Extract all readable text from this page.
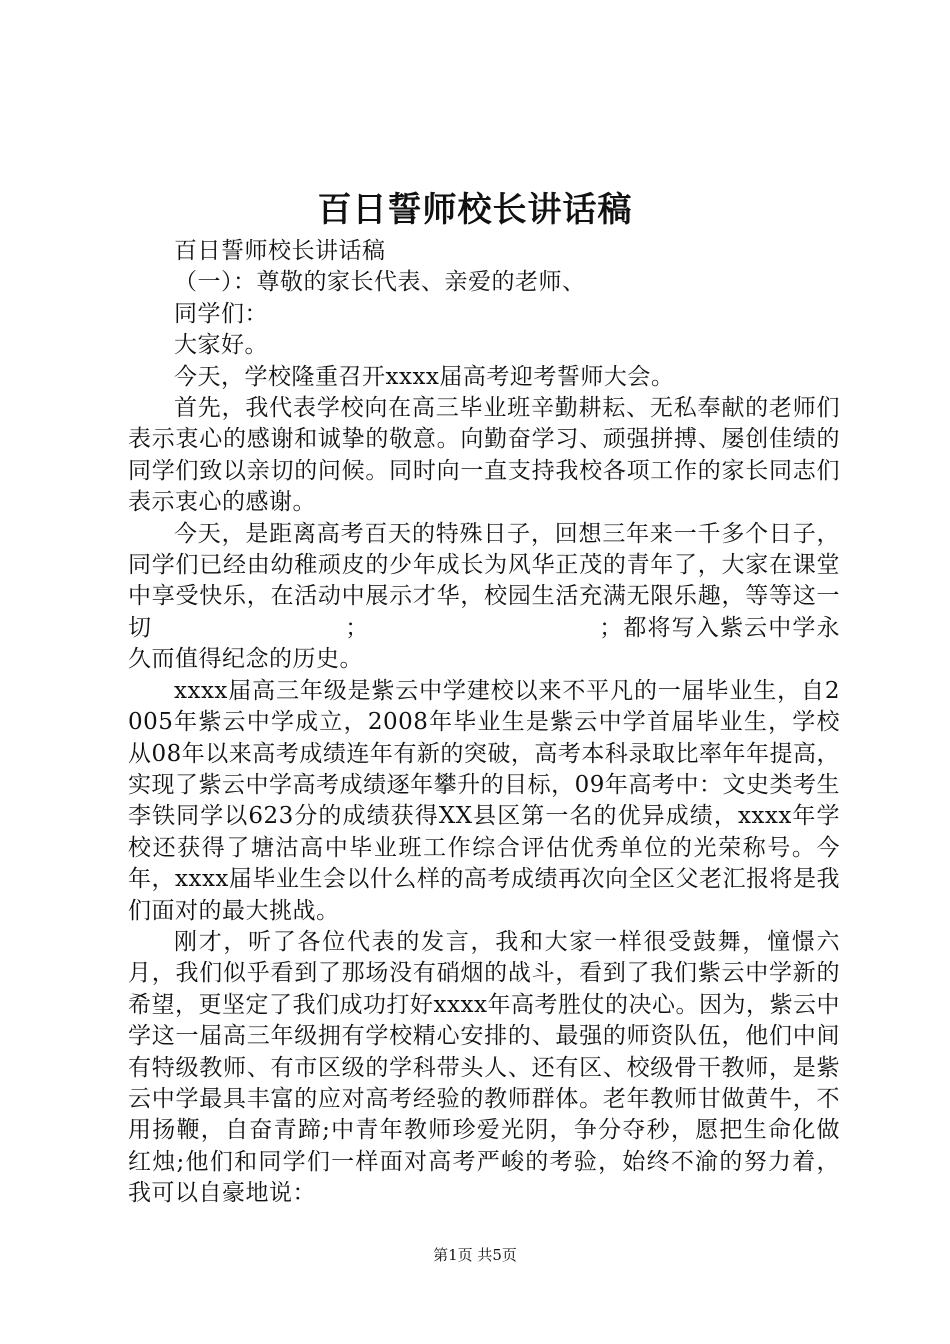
百日誓师校长讲话稿

百日誓师校长讲话稿

（一）：尊敬的家长代表、亲爱的老师、

同学们：

大家好。

今天，学校隆重召开xxxx届高考迎考誓师大会。

首先，我代表学校向在高三毕业班辛勤耕耘、无私奉献的老师们表示衷心的感谢和诚挚的敬意。向勤奋学习、顽强拼搏、屡创佳绩的同学们致以亲切的问候。同时向一直支持我校各项工作的家长同志们表示衷心的感谢。

今天，是距离高考百天的特殊日子，回想三年来一千多个日子，同学们已经由幼稚顽皮的少年成长为风华正茂的青年了，大家在课堂中享受快乐，在活动中展示才华，校园生活充满无限乐趣，等等这一切　　　　　　　　；　　　　　　　　　　；都将写入紫云中学永久而值得纪念的历史。

xxxx届高三年级是紫云中学建校以来不平凡的一届毕业生，自2005年紫云中学成立，2008年毕业生是紫云中学首届毕业生，学校从08年以来高考成绩连年有新的突破，高考本科录取比率年年提高，实现了紫云中学高考成绩逐年攀升的目标，09年高考中：文史类考生李铁同学以623分的成绩获得XX县区第一名的优异成绩，xxxx年学校还获得了塘沽高中毕业班工作综合评估优秀单位的光荣称号。今年，xxxx届毕业生会以什么样的高考成绩再次向全区父老汇报将是我们面对的最大挑战。

刚才，听了各位代表的发言，我和大家一样很受鼓舞，憧憬六月，我们似乎看到了那场没有硝烟的战斗，看到了我们紫云中学新的希望，更坚定了我们成功打好xxxx年高考胜仗的决心。因为，紫云中学这一届高三年级拥有学校精心安排的、最强的师资队伍，他们中间有特级教师、有市区级的学科带头人、还有区、校级骨干教师，是紫云中学最具丰富的应对高考经验的教师群体。老年教师甘做黄牛，不用扬鞭，自奋青蹄;中青年教师珍爱光阴，争分夺秒，愿把生命化做红烛;他们和同学们一样面对高考严峻的考验，始终不渝的努力着，我可以自豪地说：

第1页 共5页
